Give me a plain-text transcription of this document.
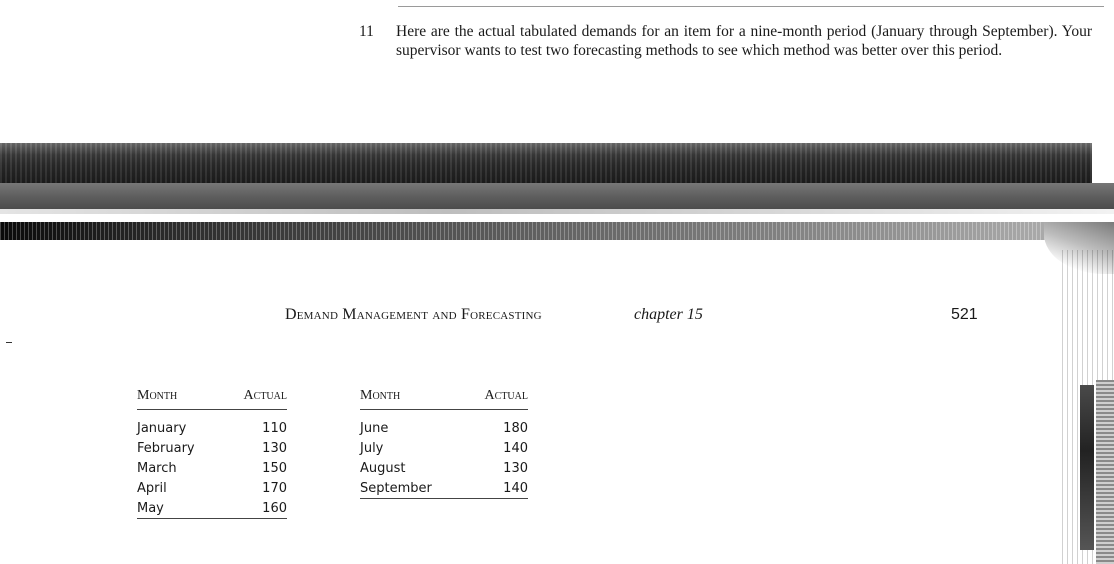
11 Here are the actual tabulated demands for an item for a nine-month period (January through September). Your supervisor wants to test two forecasting methods to see which method was better over this period.
Demand Management and Forecasting	chapter 15	521
Month	Actual
January	110
February	130
March	150
April	170
May	160
Month	Actual
June	180
July	140
August	130
September	140
